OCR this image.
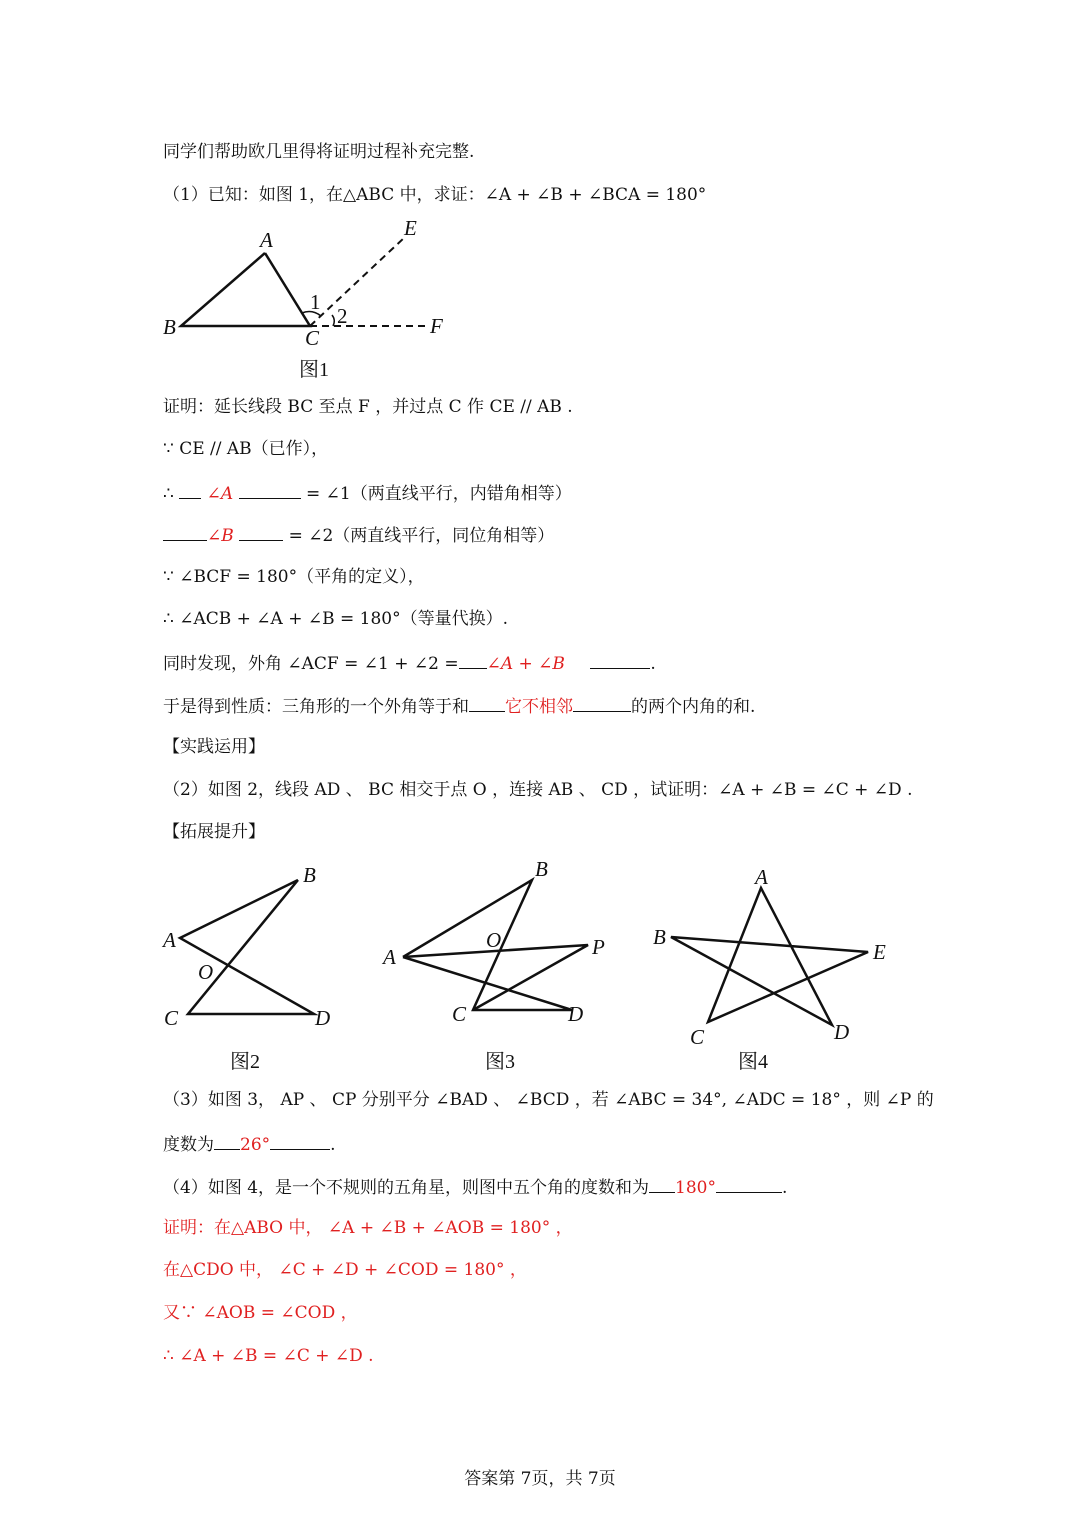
同学们帮助欧几里得将证明过程补充完整.
（1）已知：如图 1，在△ABC 中，求证：∠A + ∠B + ∠BCA = 180°
A
B	C
E
F
1
2
图1
证明：延长线段 BC 至点 F ，并过点 C 作 CE // AB .
∵ CE // AB（已作），
∴ ∠A	= ∠1（两直线平行，内错角相等）
∠B	= ∠2（两直线平行，同位角相等）
∵ ∠BCF = 180°（平角的定义），
∴ ∠ACB + ∠A + ∠B = 180°（等量代换）.
同时发现，外角 ∠ACF = ∠1 + ∠2 = ∠A + ∠B	.
于是得到性质：三角形的一个外角等于和 它不相邻	的两个内角的和.
【实践运用】
（2）如图 2，线段 AD 、 BC 相交于点 O ，连接 AB 、 CD ，试证明：∠A + ∠B = ∠C + ∠D .
【拓展提升】
B
A
O
C	D
图2
B
A
O	P
C	D
图3
A
B
E
C	D
图4
（3）如图 3， AP 、 CP 分别平分 ∠BAD 、 ∠BCD ，若 ∠ABC = 34°, ∠ADC = 18° ，则 ∠P 的
度数为 26°	.
（4）如图 4，是一个不规则的五角星，则图中五个角的度数和为 180°	.
证明：在△ABO 中， ∠A + ∠B + ∠AOB = 180° ，
在△CDO 中， ∠C + ∠D + ∠COD = 180° ，
又∵ ∠AOB = ∠COD ，
∴ ∠A + ∠B = ∠C + ∠D .
答案第 7页，共 7页
